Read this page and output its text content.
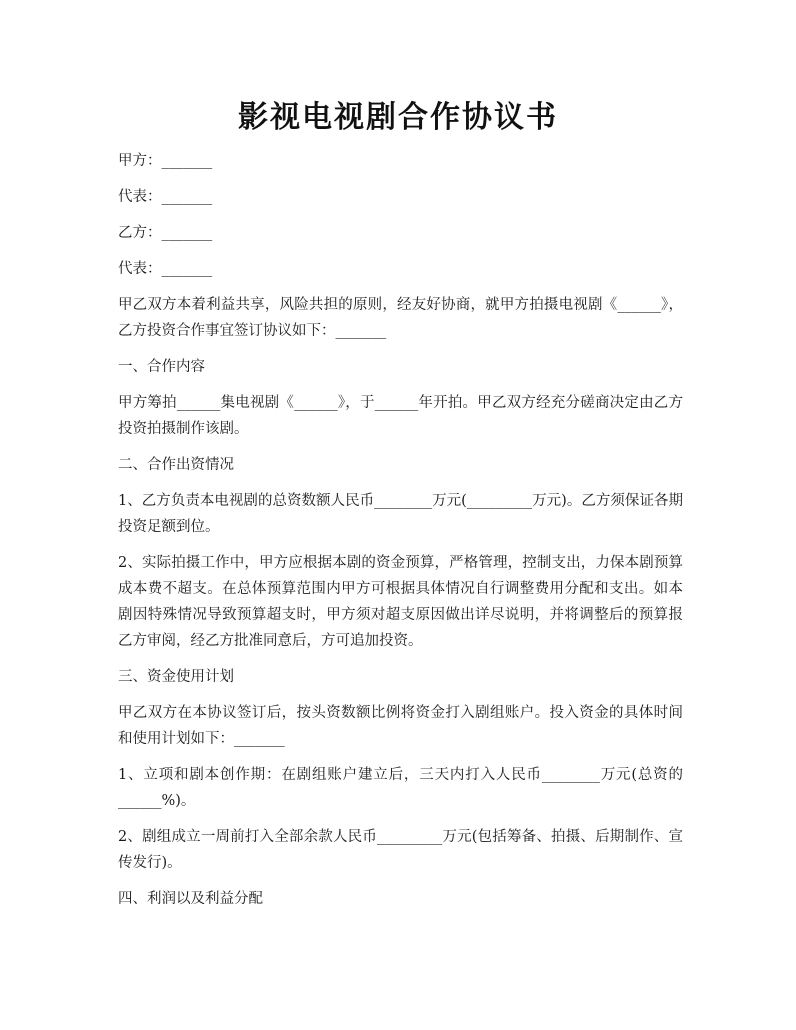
影视电视剧合作协议书

甲方：_______

代表：_______

乙方：_______

代表：_______

甲乙双方本着利益共享，风险共担的原则，经友好协商，就甲方拍摄电视剧《______》，乙方投资合作事宜签订协议如下：_______

一、合作内容

甲方筹拍______集电视剧《______》，于______年开拍。甲乙双方经充分磋商决定由乙方投资拍摄制作该剧。

二、合作出资情况

1、乙方负责本电视剧的总资数额人民币________万元(_________万元)。乙方须保证各期投资足额到位。

2、实际拍摄工作中，甲方应根据本剧的资金预算，严格管理，控制支出，力保本剧预算成本费不超支。在总体预算范围内甲方可根据具体情况自行调整费用分配和支出。如本剧因特殊情况导致预算超支时，甲方须对超支原因做出详尽说明，并将调整后的预算报乙方审阅，经乙方批准同意后，方可追加投资。

三、资金使用计划

甲乙双方在本协议签订后，按头资数额比例将资金打入剧组账户。投入资金的具体时间和使用计划如下：_______

1、立项和剧本创作期：在剧组账户建立后，三天内打入人民币________万元(总资的______%)。

2、剧组成立一周前打入全部余款人民币_________万元(包括筹备、拍摄、后期制作、宣传发行)。

四、利润以及利益分配
